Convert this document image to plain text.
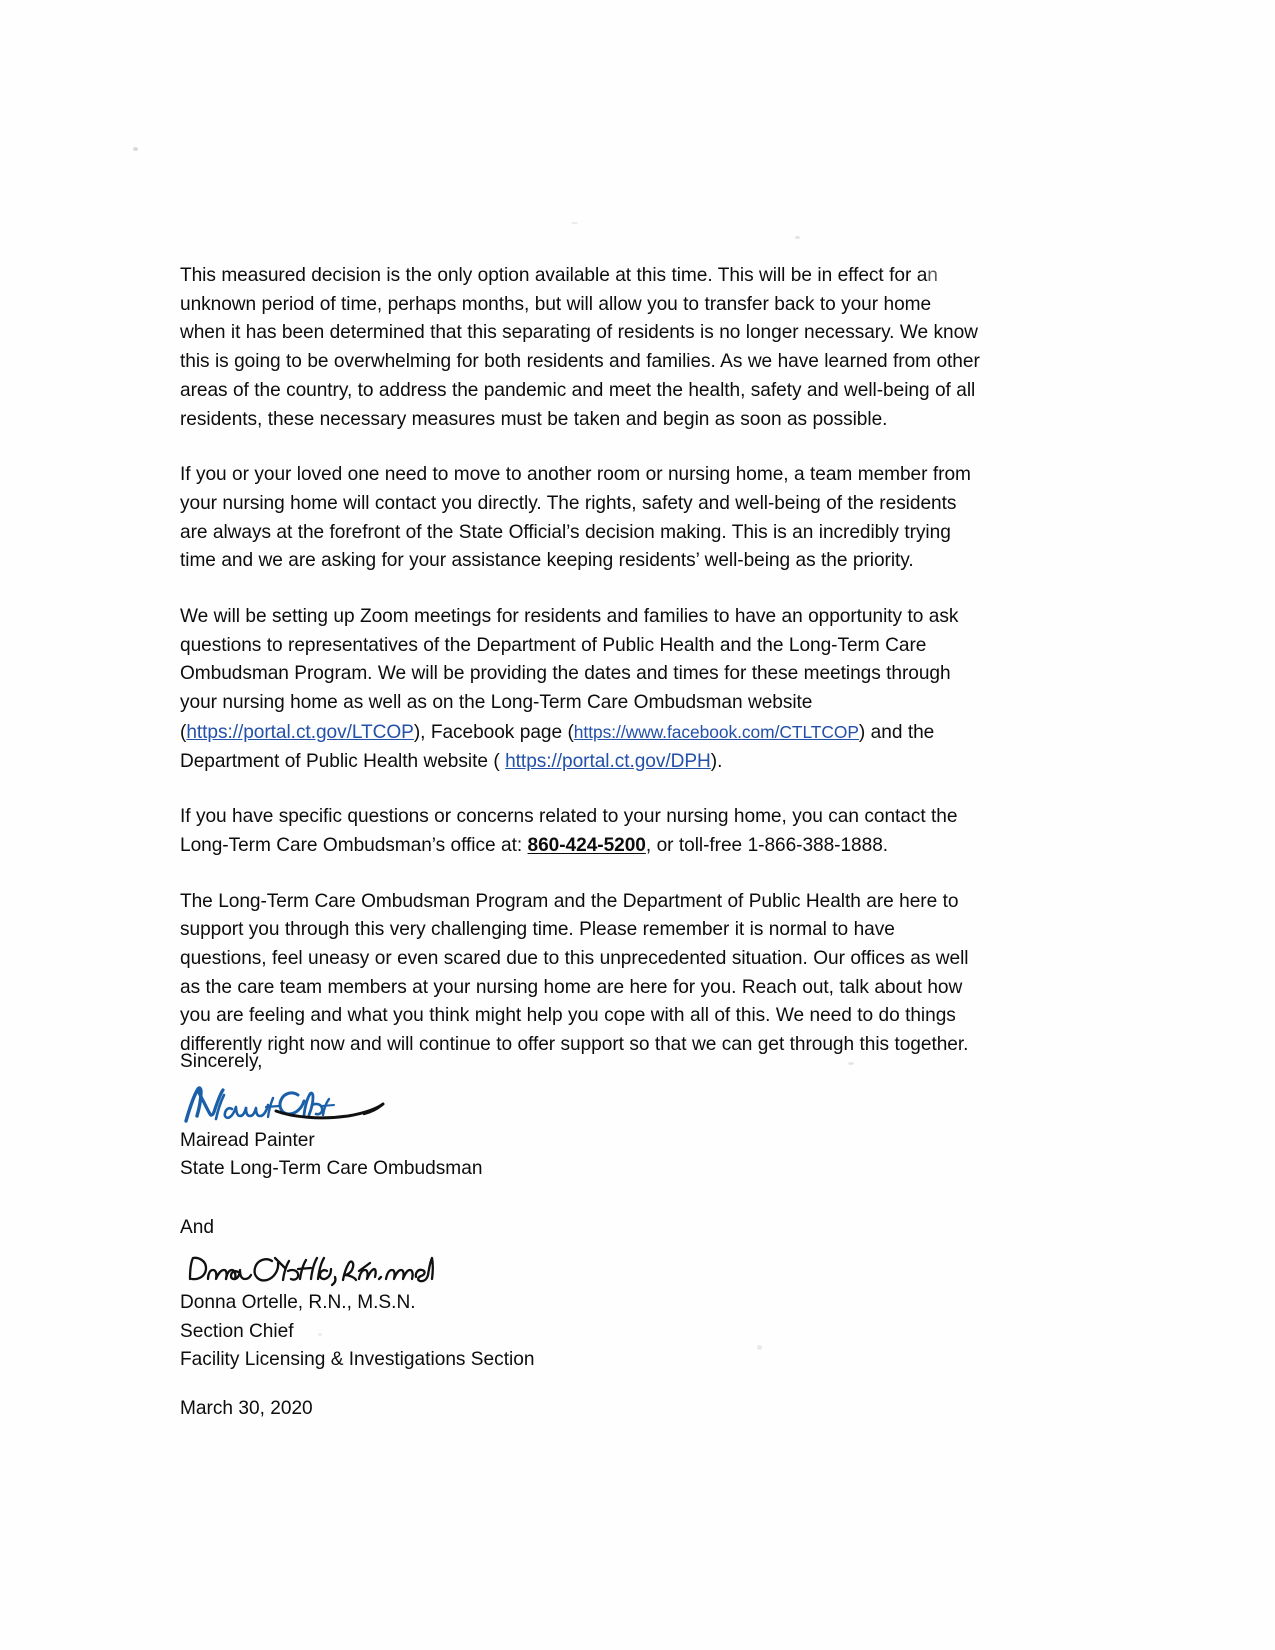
This measured decision is the only option available at this time. This will be in effect for an unknown period of time, perhaps months, but will allow you to transfer back to your home when it has been determined that this separating of residents is no longer necessary. We know this is going to be overwhelming for both residents and families. As we have learned from other areas of the country, to address the pandemic and meet the health, safety and well-being of all residents, these necessary measures must be taken and begin as soon as possible.

If you or your loved one need to move to another room or nursing home, a team member from your nursing home will contact you directly. The rights, safety and well-being of the residents are always at the forefront of the State Official’s decision making. This is an incredibly trying time and we are asking for your assistance keeping residents’ well-being as the priority.

We will be setting up Zoom meetings for residents and families to have an opportunity to ask questions to representatives of the Department of Public Health and the Long-Term Care Ombudsman Program. We will be providing the dates and times for these meetings through your nursing home as well as on the Long-Term Care Ombudsman website (https://portal.ct.gov/LTCOP), Facebook page (https://www.facebook.com/CTLTCOP) and the Department of Public Health website ( https://portal.ct.gov/DPH).

If you have specific questions or concerns related to your nursing home, you can contact the Long-Term Care Ombudsman’s office at: 860-424-5200, or toll-free 1-866-388-1888.

The Long-Term Care Ombudsman Program and the Department of Public Health are here to support you through this very challenging time. Please remember it is normal to have questions, feel uneasy or even scared due to this unprecedented situation. Our offices as well as the care team members at your nursing home are here for you. Reach out, talk about how you are feeling and what you think might help you cope with all of this. We need to do things differently right now and will continue to offer support so that we can get through this together.

Sincerely,

Mairead Painter

State Long-Term Care Ombudsman

And

Donna Ortelle, R.N., M.S.N.

Section Chief

Facility Licensing & Investigations Section

March 30, 2020
